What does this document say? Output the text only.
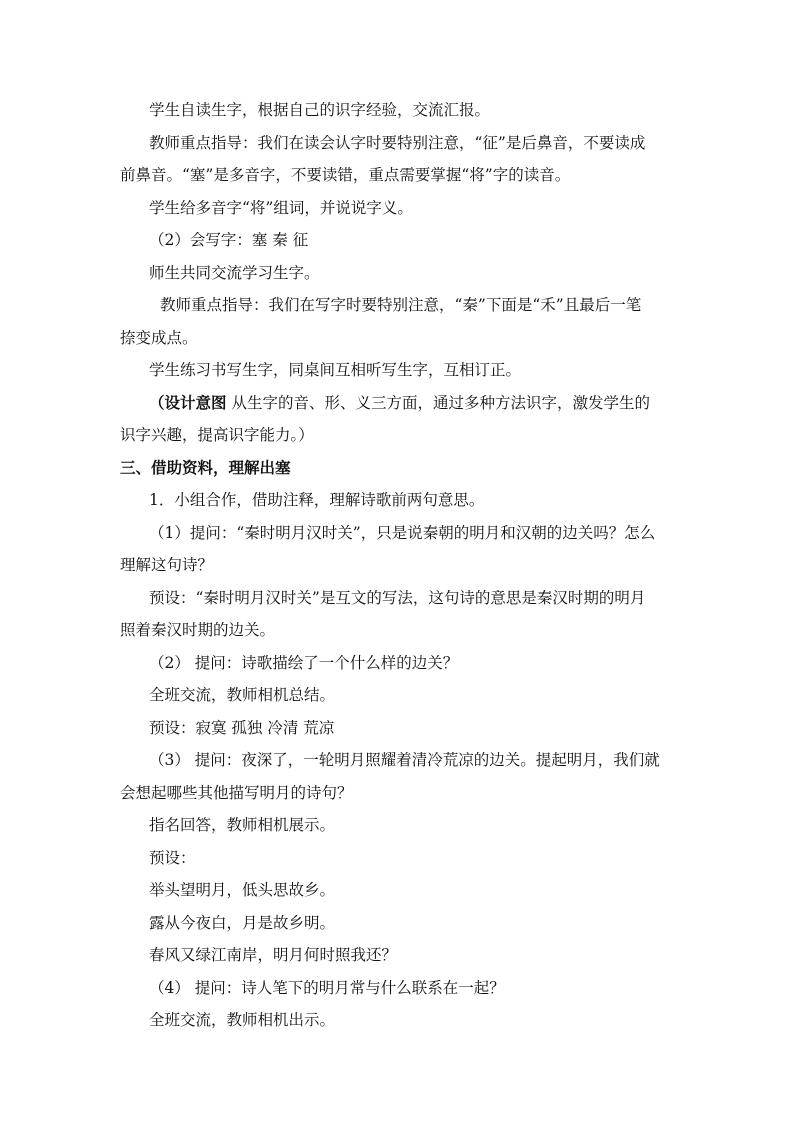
学生自读生字，根据自己的识字经验，交流汇报。

教师重点指导：我们在读会认字时要特别注意，“征”是后鼻音，不要读成

前鼻音。“塞”是多音字，不要读错，重点需要掌握“将”字的读音。

学生给多音字“将”组词，并说说字义。

（2）会写字：塞 秦 征

师生共同交流学习生字。

教师重点指导：我们在写字时要特别注意，“秦”下面是“禾”且最后一笔

捺变成点。

学生练习书写生字，同桌间互相听写生字，互相订正。

（设计意图 从生字的音、形、义三方面，通过多种方法识字，激发学生的

识字兴趣，提高识字能力。）

三、借助资料，理解出塞

1．小组合作，借助注释，理解诗歌前两句意思。

（1）提问：“秦时明月汉时关”，只是说秦朝的明月和汉朝的边关吗？怎么

理解这句诗？

预设：“秦时明月汉时关”是互文的写法，这句诗的意思是秦汉时期的明月

照着秦汉时期的边关。

（2） 提问：诗歌描绘了一个什么样的边关？

全班交流，教师相机总结。

预设：寂寞 孤独 冷清 荒凉

（3） 提问：夜深了，一轮明月照耀着清冷荒凉的边关。提起明月，我们就

会想起哪些其他描写明月的诗句？

指名回答，教师相机展示。

预设：

举头望明月，低头思故乡。

露从今夜白，月是故乡明。

春风又绿江南岸，明月何时照我还？

（4） 提问：诗人笔下的明月常与什么联系在一起？

全班交流，教师相机出示。
